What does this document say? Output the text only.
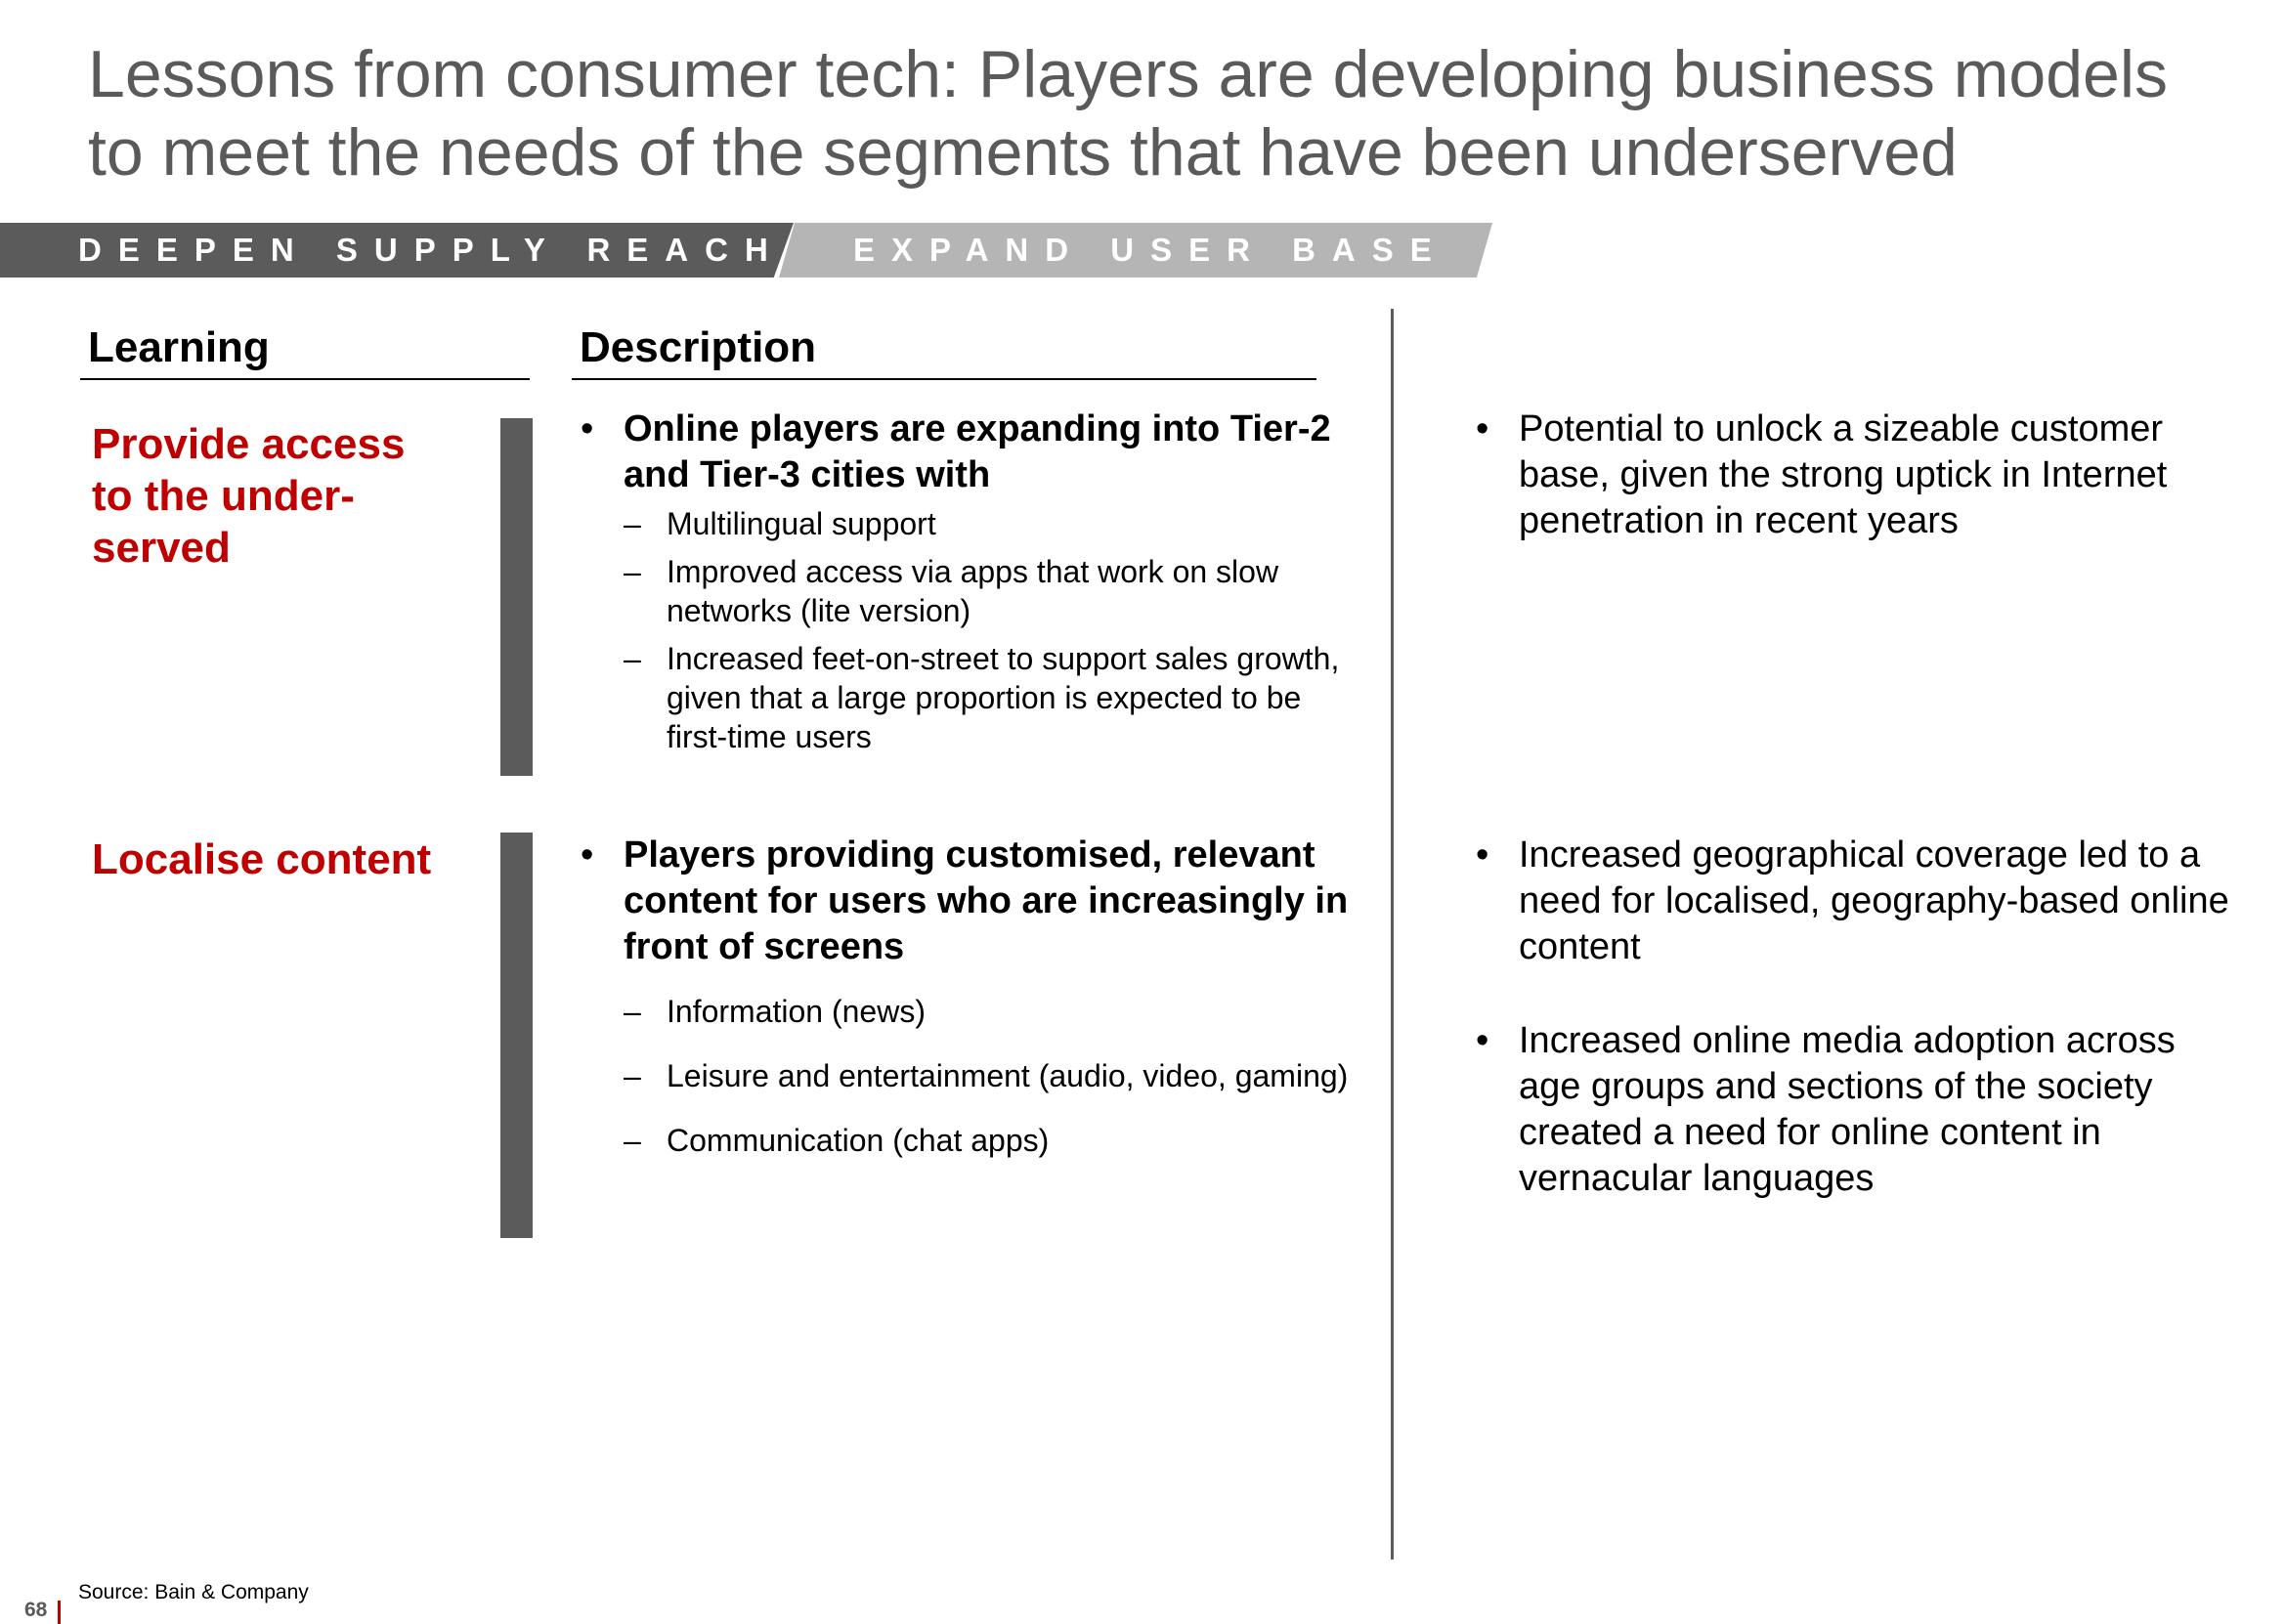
Lessons from consumer tech: Players are developing business models
to meet the needs of the segments that have been underserved
DEEPEN SUPPLY REACH EXPAND USER BASE
Learning	Description
Provide access
to the under-
served
• Online players are expanding into Tier-2 and Tier-3 cities with
– Multilingual support
– Improved access via apps that work on slow networks (lite version)
– Increased feet-on-street to support sales growth, given that a large proportion is expected to be first-time users
• Potential to unlock a sizeable customer base, given the strong uptick in Internet penetration in recent years
Localise content	• Players providing customised, relevant content for users who are increasingly in front of screens
– Information (news)
– Leisure and entertainment (audio, video, gaming)
– Communication (chat apps)
• Increased geographical coverage led to a need for localised, geography-based online content
• Increased online media adoption across age groups and sections of the society created a need for online content in vernacular languages
Source: Bain & Company
68
